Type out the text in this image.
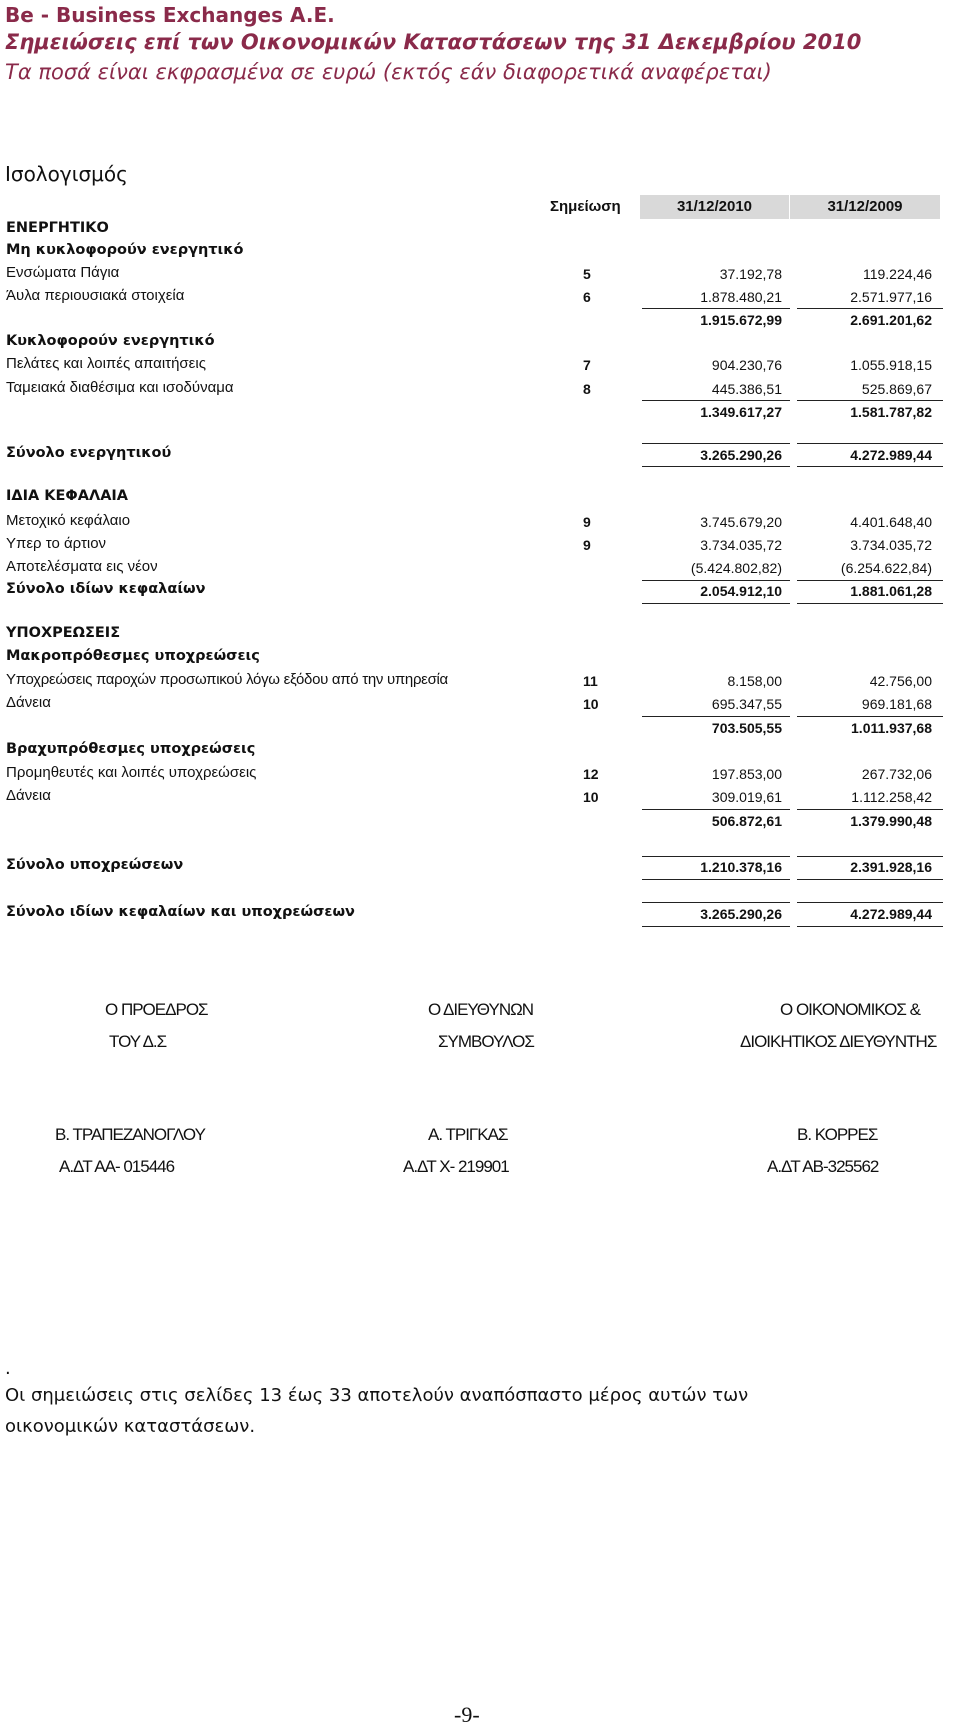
Be - Business Exchanges A.E.
Σημειώσεις επί των Οικονομικών Καταστάσεων της 31 Δεκεμβρίου 2010
Τα ποσά είναι εκφρασμένα σε ευρώ (εκτός εάν διαφορετικά αναφέρεται)
Ισολογισμός
Σημείωση	31/12/2010	31/12/2009
ΕΝΕΡΓΗΤΙΚΟ
Μη κυκλοφορούν ενεργητικό
Ενσώματα Πάγια	5	37.192,78	119.224,46
Άυλα περιουσιακά στοιχεία	6	1.878.480,21	2.571.977,16
1.915.672,99	2.691.201,62
Κυκλοφορούν ενεργητικό
Πελάτες και λοιπές απαιτήσεις	7	904.230,76	1.055.918,15
Ταμειακά διαθέσιμα και ισοδύναμα	8	445.386,51	525.869,67
1.349.617,27	1.581.787,82
Σύνολο ενεργητικού	3.265.290,26	4.272.989,44
ΙΔΙΑ ΚΕΦΑΛΑΙΑ
Μετοχικό κεφάλαιο	9	3.745.679,20	4.401.648,40
Υπερ το άρτιον	9	3.734.035,72	3.734.035,72
Αποτελέσματα εις νέον	(5.424.802,82)	(6.254.622,84)
Σύνολο ιδίων κεφαλαίων	2.054.912,10	1.881.061,28
ΥΠΟΧΡΕΩΣΕΙΣ
Μακροπρόθεσμες υποχρεώσεις
Υποχρεώσεις παροχών προσωπικού λόγω εξόδου από την υπηρεσία	11	8.158,00	42.756,00
Δάνεια	10	695.347,55	969.181,68
703.505,55	1.011.937,68
Βραχυπρόθεσμες υποχρεώσεις
Προμηθευτές και λοιπές υποχρεώσεις	12	197.853,00	267.732,06
Δάνεια	10	309.019,61	1.112.258,42
506.872,61	1.379.990,48
Σύνολο υποχρεώσεων	1.210.378,16	2.391.928,16
Σύνολο ιδίων κεφαλαίων και υποχρεώσεων	3.265.290,26	4.272.989,44
Ο ΠΡΟΕΔΡΟΣ
ΤΟΥ Δ.Σ
Β. ΤΡΑΠΕΖΑΝΟΓΛΟΥ
Α.ΔΤ ΑΑ- 015446
Ο ΔΙΕΥΘΥΝΩΝ
ΣΥΜΒΟΥΛΟΣ
Α. ΤΡΙΓΚΑΣ
Α.ΔΤ Χ- 219901
Ο ΟΙΚΟΝΟΜΙΚΟΣ &
ΔΙΟΙΚΗΤΙΚΟΣ ΔΙΕΥΘΥΝΤΗΣ
Β. ΚΟΡΡΕΣ
Α.ΔΤ ΑΒ-325562
.
Οι σημειώσεις στις σελίδες 13 έως 33 αποτελούν αναπόσπαστο μέρος αυτών των
οικονομικών καταστάσεων.
-9-
